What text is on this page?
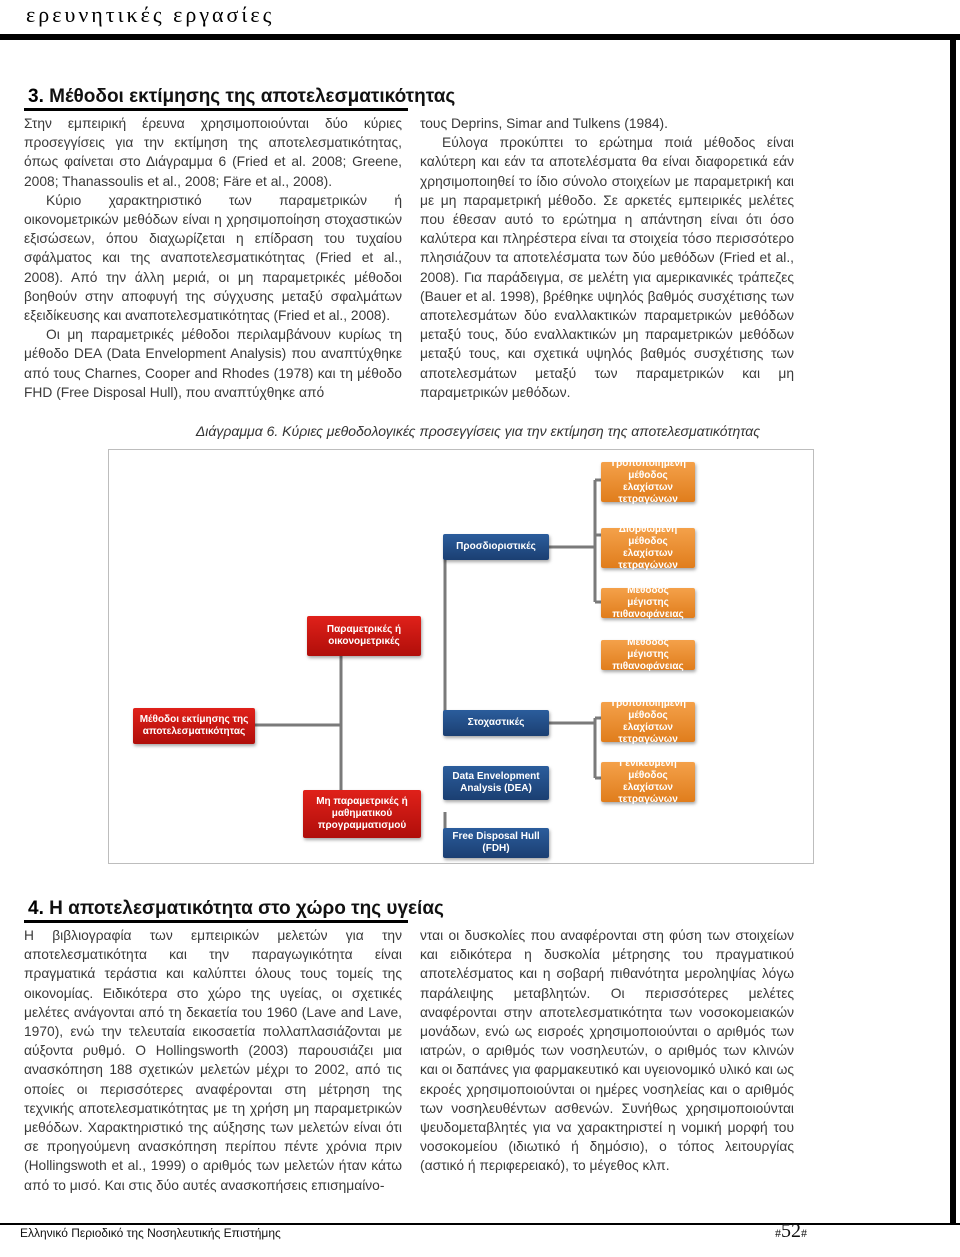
ερευνητικές εργασίες
3. Μέθοδοι εκτίμησης της αποτελεσματικότητας

Στην εμπειρική έρευνα χρησιμοποιούνται δύο κύριες προσεγγίσεις για την εκτίμηση της αποτελεσματικότητας, όπως φαίνεται στο Διάγραμμα 6 (Fried et al. 2008; Greene, 2008; Thanassoulis et al., 2008; Färe et al., 2008).

Κύριο χαρακτηριστικό των παραμετρικών ή οικονομετρικών μεθόδων είναι η χρησιμοποίηση στοχαστικών εξισώσεων, όπου διαχωρίζεται η επίδραση του τυχαίου σφάλματος και της αναποτελεσματικότητας (Fried et al., 2008). Από την άλλη μεριά, οι μη παραμετρικές μέθοδοι βοηθούν στην αποφυγή της σύγχυσης μεταξύ σφαλμάτων εξειδίκευσης και αναποτελεσματικότητας (Fried et al., 2008).

Οι μη παραμετρικές μέθοδοι περιλαμβάνουν κυρίως τη μέθοδο DEA (Data Envelopment Analysis) που αναπτύχθηκε από τους Charnes, Cooper and Rhodes (1978) και τη μέθοδο FHD (Free Disposal Hull), που αναπτύχθηκε από

τους Deprins, Simar and Tulkens (1984).

Εύλογα προκύπτει το ερώτημα ποιά μέθοδος είναι καλύτερη και εάν τα αποτελέσματα θα είναι διαφορετικά εάν χρησιμοποιηθεί το ίδιο σύνολο στοιχείων με παραμετρική και με μη παραμετρική μέθοδο. Σε αρκετές εμπειρικές μελέτες που έθεσαν αυτό το ερώτημα η απάντηση είναι ότι όσο καλύτερα και πληρέστερα είναι τα στοιχεία τόσο περισσότερο πλησιάζουν τα αποτελέσματα των δύο μεθόδων (Fried et al., 2008). Για παράδειγμα, σε μελέτη για αμερικανικές τράπεζες (Bauer et al. 1998), βρέθηκε υψηλός βαθμός συσχέτισης των αποτελεσμάτων δύο εναλλακτικών παραμετρικών μεθόδων μεταξύ τους, δύο εναλλακτικών μη παραμετρικών μεθόδων μεταξύ τους, και σχετικά υψηλός βαθμός συσχέτισης των αποτελεσμάτων μεταξύ των παραμετρικών και μη παραμετρικών μεθόδων.

Διάγραμμα 6. Κύριες μεθοδολογικές προσεγγίσεις για την εκτίμηση της αποτελεσματικότητας
Μέθοδοι εκτίμησης της αποτελεσματικότητας
Παραμετρικές ή οικονομετρικές
Μη παραμετρικές ή μαθηματικού προγραμματισμού
Προσδιοριστικές
Στοχαστικές
Data Envelopment Analysis (DEA)
Free Disposal Hull (FDH)
Τροποποιημένη μέθοδος ελαχίστων τετραγώνων
Διορθωμένη μέθοδος ελαχίστων τετραγώνων
Μέθοδος μέγιστης πιθανοφάνειας
Μέθοδος μέγιστης πιθανοφάνειας
Τροποποιημένη μέθοδος ελαχίστων τετραγώνων
Γενικευμένη μέθοδος ελαχίστων τετραγώνων
4. Η αποτελεσματικότητα στο χώρο της υγείας

Η βιβλιογραφία των εμπειρικών μελετών για την αποτελεσματικότητα και την παραγωγικότητα είναι πραγματικά τεράστια και καλύπτει όλους τους τομείς της οικονομίας. Ειδικότερα στο χώρο της υγείας, οι σχετικές μελέτες ανάγονται από τη δεκαετία του 1960 (Lave and Lave, 1970), ενώ την τελευταία εικοσαετία πολλαπλασιάζονται με αύξοντα ρυθμό. Ο Hollingsworth (2003) παρουσιάζει μια ανασκόπηση 188 σχετικών μελετών μέχρι το 2002, από τις οποίες οι περισσότερες αναφέρονται στη μέτρηση της τεχνικής αποτελεσματικότητας με τη χρήση μη παραμετρικών μεθόδων. Χαρακτηριστικό της αύξησης των μελετών είναι ότι σε προηγούμενη ανασκόπηση περίπου πέντε χρόνια πριν (Hollingswoth et al., 1999) ο αριθμός των μελετών ήταν κάτω από το μισό. Και στις δύο αυτές ανασκοπήσεις επισημαίνο-

νται οι δυσκολίες που αναφέρονται στη φύση των στοιχείων και ειδικότερα η δυσκολία μέτρησης του πραγματικού αποτελέσματος και η σοβαρή πιθανότητα μεροληψίας λόγω παράλειψης μεταβλητών. Οι περισσότερες μελέτες αναφέρονται στην αποτελεσματικότητα των νοσοκομειακών μονάδων, ενώ ως εισροές χρησιμοποιούνται ο αριθμός των ιατρών, ο αριθμός των νοσηλευτών, ο αριθμός των κλινών και οι δαπάνες για φαρμακευτικό και υγειονομικό υλικό και ως εκροές χρησιμοποιούνται οι ημέρες νοσηλείας και ο αριθμός των νοσηλευθέντων ασθενών. Συνήθως χρησιμοποιούνται ψευδομεταβλητές για να χαρακτηριστεί η νομική μορφή του νοσοκομείου (ιδιωτικό ή δημόσιο), ο τόπος λειτουργίας (αστικό ή περιφερειακό), το μέγεθος κλπ.

Ελληνικό Περιοδικό της Νοσηλευτικής Επιστήμης	#52#
